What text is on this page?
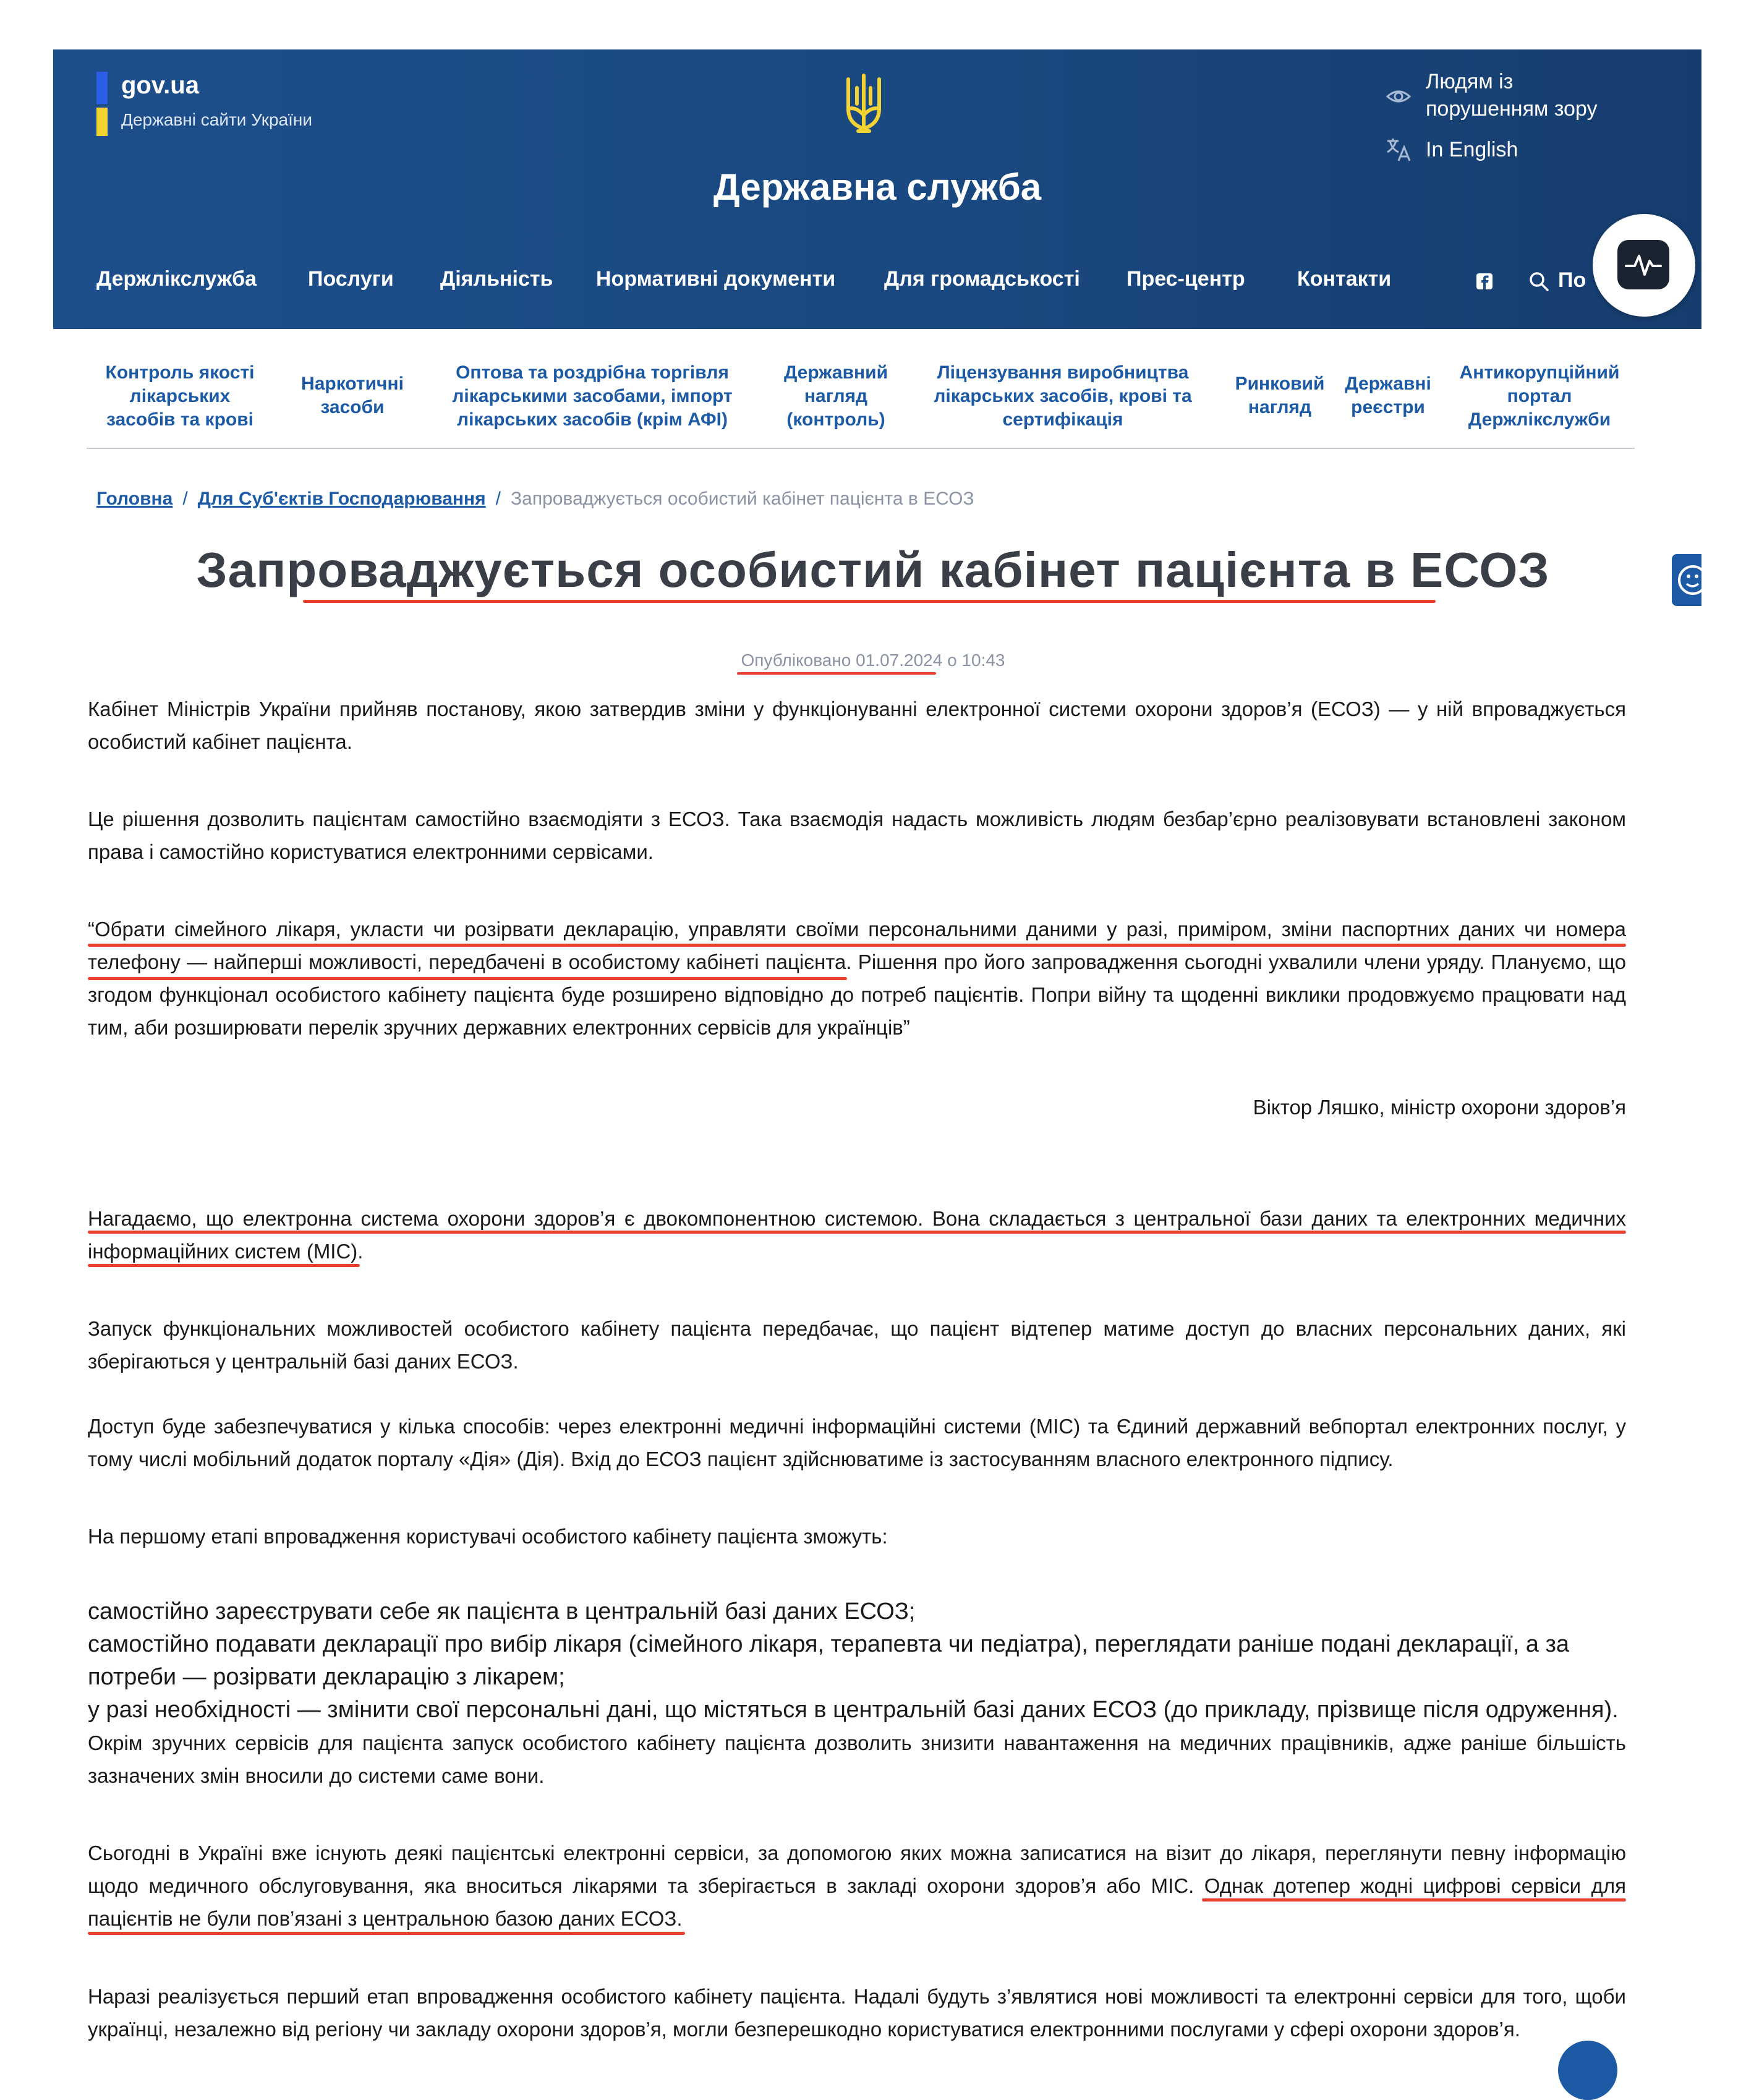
gov.ua
Державні сайти України
Державна служба
Людям із
порушенням зору
In English
Держлікслужба Послуги Діяльність Нормативні документи Для громадськості Прес-центр Контакти	По
Контроль якості
лікарських
засобів та крові
Наркотичні
засоби
Оптова та роздрібна торгівля
лікарськими засобами, імпорт
лікарських засобів (крім АФІ)
Державний
нагляд
(контроль)
Ліцензування виробництва
лікарських засобів, крові та
сертифікація
Ринковий
нагляд
Державні
реєстри
Антикорупційний
портал
Держлікслужби
Головна / Для Суб'єктів Господарювання / Запроваджується особистий кабінет пацієнта в ЕСОЗ
Запроваджується особистий кабінет пацієнта в ЕСОЗ
Опубліковано 01.07.2024 о 10:43
Кабінет Міністрів України прийняв постанову, якою затвердив зміни у функціонуванні електронної системи охорони здоров’я (ЕСОЗ) — у ній впроваджується особистий кабінет пацієнта.
Це рішення дозволить пацієнтам самостійно взаємодіяти з ЕСОЗ. Така взаємодія надасть можливість людям безбар’єрно реалізовувати встановлені законом права і самостійно користуватися електронними сервісами.
“Обрати сімейного лікаря, укласти чи розірвати декларацію, управляти своїми персональними даними у разі, приміром, зміни паспортних даних чи номера телефону — найперші можливості, передбачені в особистому кабінеті пацієнта. Рішення про його запровадження сьогодні ухвалили члени уряду. Плануємо, що згодом функціонал особистого кабінету пацієнта буде розширено відповідно до потреб пацієнтів. Попри війну та щоденні виклики продовжуємо працювати над тим, аби розширювати перелік зручних державних електронних сервісів для українців”
Віктор Ляшко, міністр охорони здоров’я
Нагадаємо, що електронна система охорони здоров’я є двокомпонентною системою. Вона складається з центральної бази даних та електронних медичних інформаційних систем (МІС).
Запуск функціональних можливостей особистого кабінету пацієнта передбачає, що пацієнт відтепер матиме доступ до власних персональних даних, які зберігаються у центральній базі даних ЕСОЗ.
Доступ буде забезпечуватися у кілька способів: через електронні медичні інформаційні системи (МІС) та Єдиний державний вебпортал електронних послуг, у тому числі мобільний додаток порталу «Дія» (Дія). Вхід до ЕСОЗ пацієнт здійснюватиме із застосуванням власного електронного підпису.
На першому етапі впровадження користувачі особистого кабінету пацієнта зможуть:
самостійно зареєструвати себе як пацієнта в центральній базі даних ЕСОЗ;
самостійно подавати декларації про вибір лікаря (сімейного лікаря, терапевта чи педіатра), переглядати раніше подані декларації, а за потреби — розірвати декларацію з лікарем;
у разі необхідності — змінити свої персональні дані, що містяться в центральній базі даних ЕСОЗ (до прикладу, прізвище після одруження).
Окрім зручних сервісів для пацієнта запуск особистого кабінету пацієнта дозволить знизити навантаження на медичних працівників, адже раніше більшість зазначених змін вносили до системи саме вони.
Сьогодні в Україні вже існують деякі пацієнтські електронні сервіси, за допомогою яких можна записатися на візит до лікаря, переглянути певну інформацію щодо медичного обслуговування, яка вноситься лікарями та зберігається в закладі охорони здоров’я або МІС. Однак дотепер жодні цифрові сервіси для пацієнтів не були пов’язані з центральною базою даних ЕСОЗ.
Наразі реалізується перший етап впровадження особистого кабінету пацієнта. Надалі будуть з’являтися нові можливості та електронні сервіси для того, щоби українці, незалежно від регіону чи закладу охорони здоров’я, могли безперешкодно користуватися електронними послугами у сфері охорони здоров’я.
